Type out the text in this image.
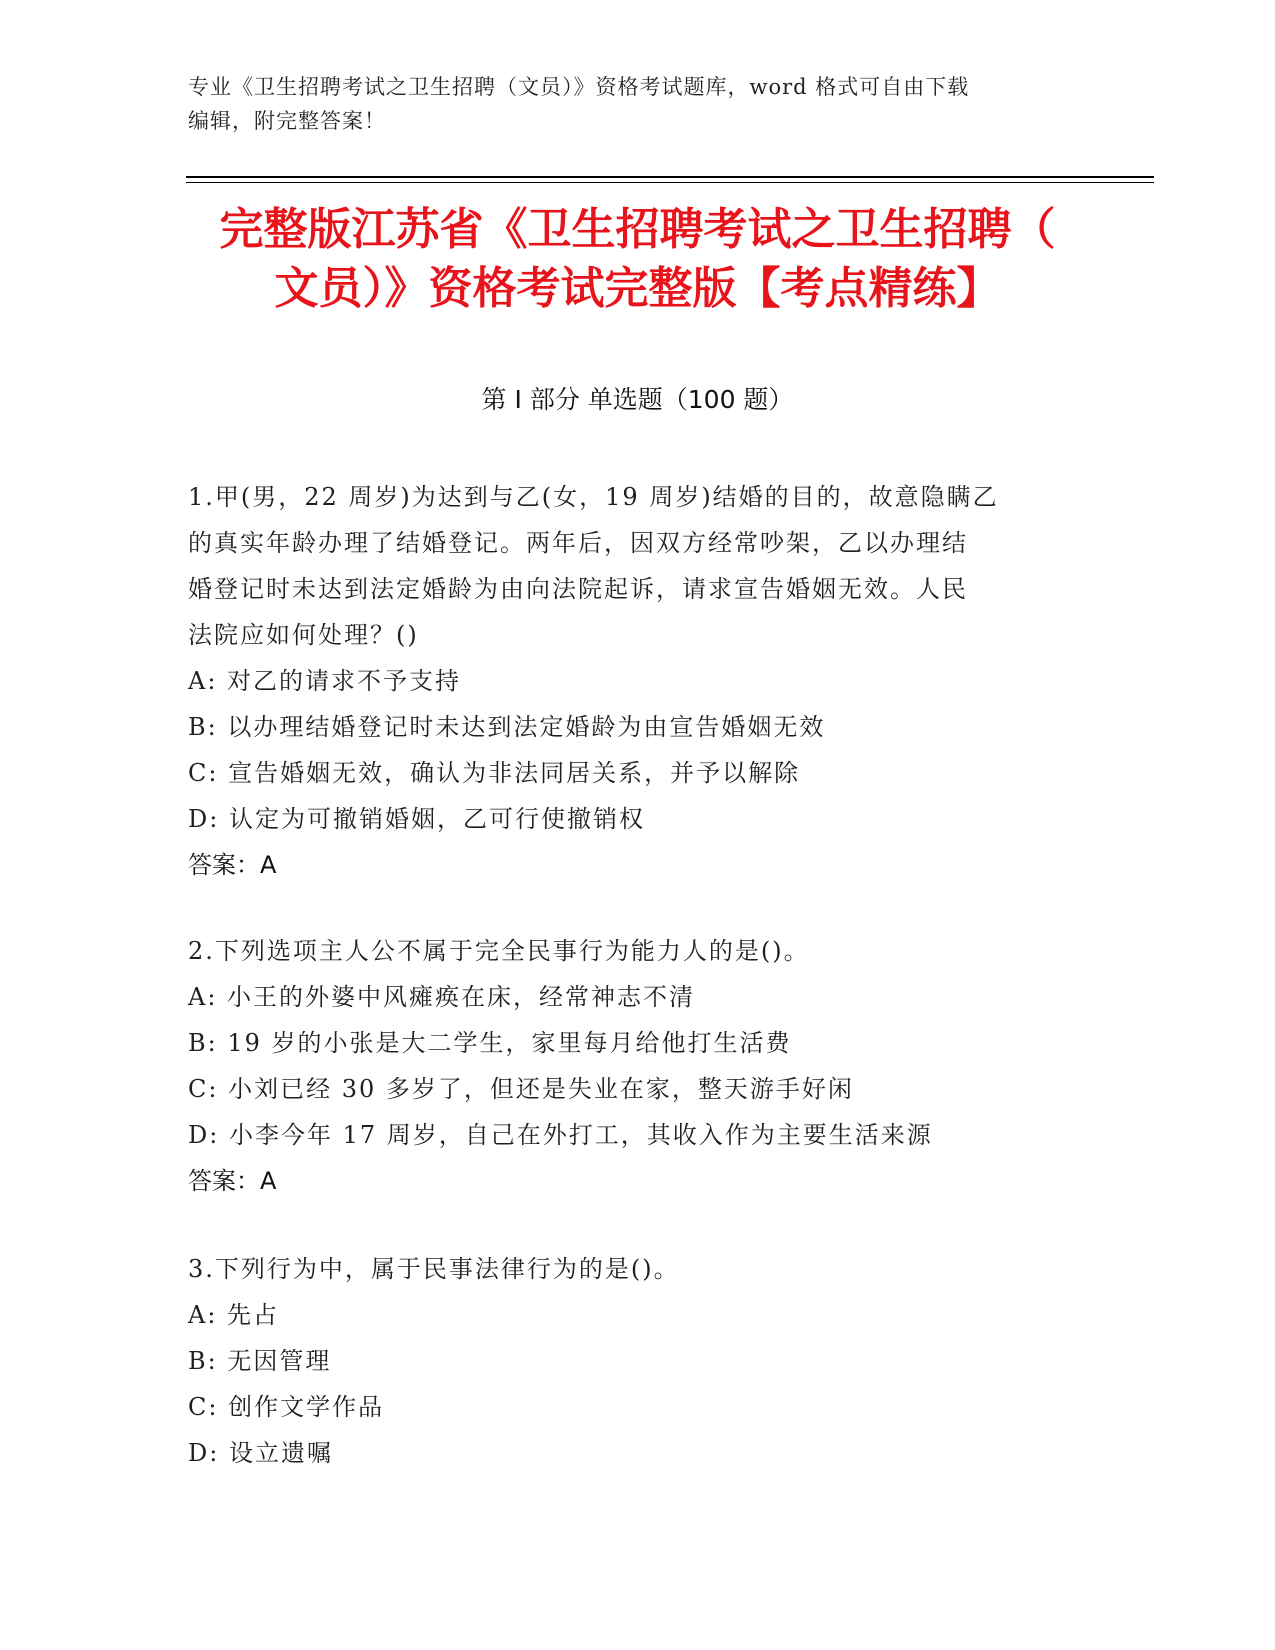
专业《卫生招聘考试之卫生招聘（文员）》资格考试题库，word 格式可自由下载
编辑，附完整答案！
完整版江苏省《卫生招聘考试之卫生招聘（
文员）》资格考试完整版【考点精练】
第 I 部分 单选题（100 题）

1.甲(男，22 周岁)为达到与乙(女，19 周岁)结婚的目的，故意隐瞒乙

的真实年龄办理了结婚登记。两年后，因双方经常吵架，乙以办理结

婚登记时未达到法定婚龄为由向法院起诉，请求宣告婚姻无效。人民

法院应如何处理？()

A: 对乙的请求不予支持

B: 以办理结婚登记时未达到法定婚龄为由宣告婚姻无效

C: 宣告婚姻无效，确认为非法同居关系，并予以解除

D: 认定为可撤销婚姻，乙可行使撤销权

答案：A

2.下列选项主人公不属于完全民事行为能力人的是()。

A: 小王的外婆中风瘫痪在床，经常神志不清

B: 19 岁的小张是大二学生，家里每月给他打生活费

C: 小刘已经 30 多岁了，但还是失业在家，整天游手好闲

D: 小李今年 17 周岁，自己在外打工，其收入作为主要生活来源

答案：A

3.下列行为中，属于民事法律行为的是()。

A: 先占

B: 无因管理

C: 创作文学作品

D: 设立遗嘱
